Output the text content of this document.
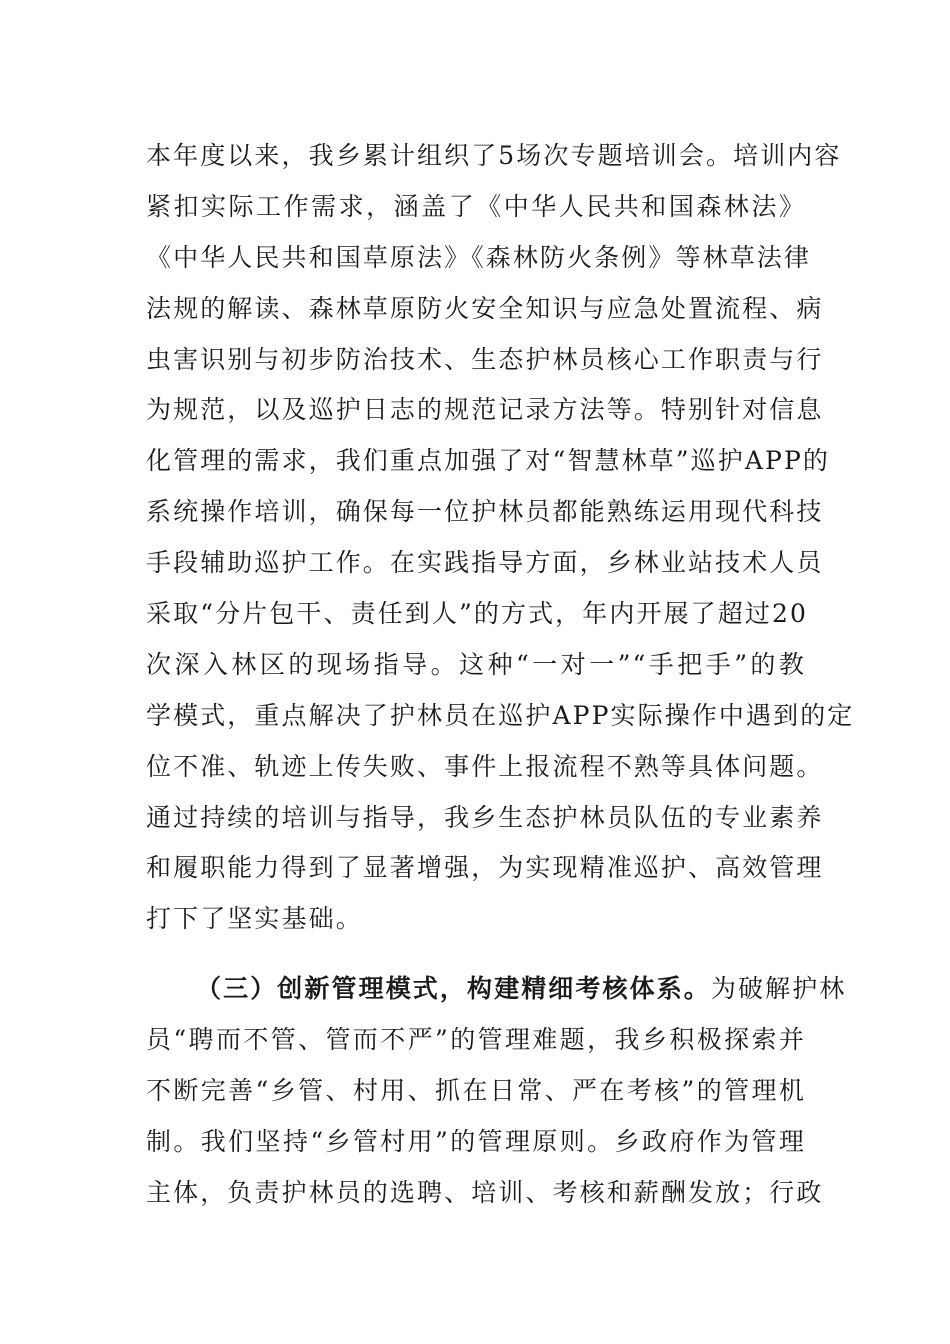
本年度以来，我乡累计组织了5场次专题培训会。培训内容

紧扣实际工作需求，涵盖了《中华人民共和国森林法》

《中华人民共和国草原法》《森林防火条例》等林草法律

法规的解读、森林草原防火安全知识与应急处置流程、病

虫害识别与初步防治技术、生态护林员核心工作职责与行

为规范，以及巡护日志的规范记录方法等。特别针对信息

化管理的需求，我们重点加强了对“智慧林草”巡护APP的

系统操作培训，确保每一位护林员都能熟练运用现代科技

手段辅助巡护工作。在实践指导方面，乡林业站技术人员

采取“分片包干、责任到人”的方式，年内开展了超过20

次深入林区的现场指导。这种“一对一”“手把手”的教

学模式，重点解决了护林员在巡护APP实际操作中遇到的定

位不准、轨迹上传失败、事件上报流程不熟等具体问题。

通过持续的培训与指导，我乡生态护林员队伍的专业素养

和履职能力得到了显著增强，为实现精准巡护、高效管理

打下了坚实基础。

（三）创新管理模式，构建精细考核体系。为破解护林

员“聘而不管、管而不严”的管理难题，我乡积极探索并

不断完善“乡管、村用、抓在日常、严在考核”的管理机

制。我们坚持“乡管村用”的管理原则。乡政府作为管理

主体，负责护林员的选聘、培训、考核和薪酬发放；行政
